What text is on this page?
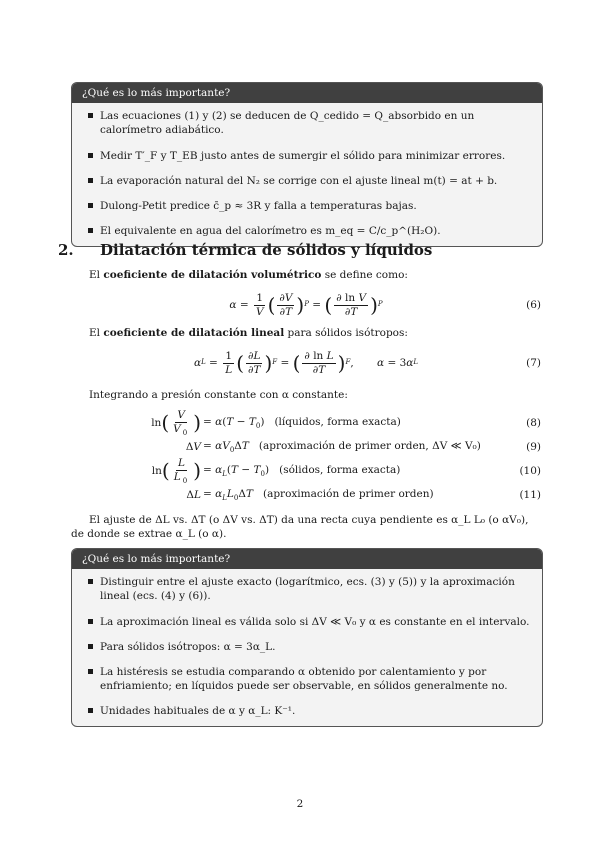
¿Qué es lo más importante?
Las ecuaciones (1) y (2) se deducen de Q_cedido = Q_absorbido en un calorímetro adiabático.
Medir T′_F y T_EB justo antes de sumergir el sólido para minimizar errores.
La evaporación natural del N₂ se corrige con el ajuste lineal m(t) = at + b.
Dulong-Petit predice c̄_p ≈ 3R y falla a temperaturas bajas.
El equivalente en agua del calorímetro es m_eq = C/c_p^(H₂O).
2. Dilatación térmica de sólidos y líquidos

El coeficiente de dilatación volumétrico se define como:

$\alpha = \frac{1}{V}$ ( $\frac{\partial V}{\partial T}$ ) P = ( $\frac{\text{∂ ln V}}{\partial T}$ ) P	(6)

El coeficiente de dilatación lineal para sólidos isótropos:

α $L = \frac{1}{L}$ ( $\frac{\partial L}{\partial T}$ ) F = ( $\frac{\text{∂ ln L}}{\partial T}$ ) F , α = 3 α L	(7)

Integrando a presión constante con α constante:

$\ln( \frac{V}{V _0}$ ) = $\alpha(T - T_0)$   (líquidos, forma exacta)	(8)
$\Delta V = \alpha V_0\Delta T$ (aproximación de primer orden, ΔV ≪ V₀)	(9)
$\ln( \frac{L}{L _0}$ ) = $\alpha_L(T - T_0)$   (sólidos, forma exacta)	(10)
$\Delta L = \alpha_LL_0\Delta T$ (aproximación de primer orden)	(11)

El ajuste de ΔL vs. ΔT (o ΔV vs. ΔT) da una recta cuya pendiente es α_L L₀ (o αV₀), de donde se extrae α_L (o α).

¿Qué es lo más importante?
Distinguir entre el ajuste exacto (logarítmico, ecs. (3) y (5)) y la aproximación lineal (ecs. (4) y (6)).
La aproximación lineal es válida solo si ΔV ≪ V₀ y α es constante en el intervalo.
Para sólidos isótropos: α = 3α_L.
La histéresis se estudia comparando α obtenido por calentamiento y por enfriamiento; en líquidos puede ser observable, en sólidos generalmente no.
Unidades habituales de α y α_L: K⁻¹.
2
